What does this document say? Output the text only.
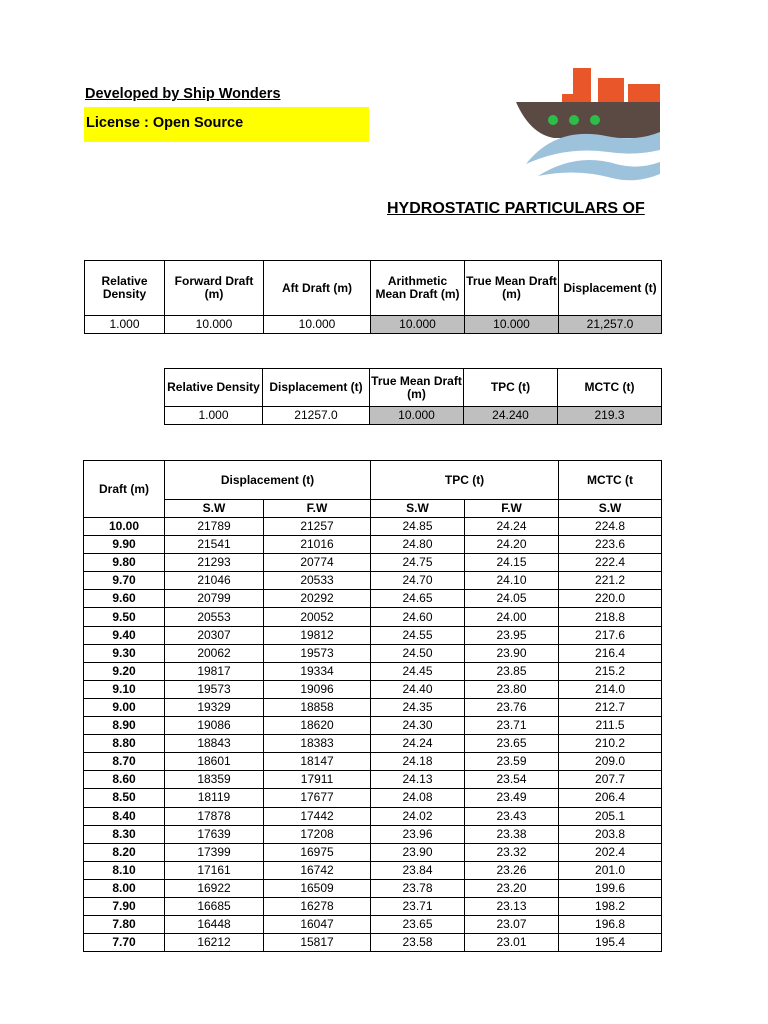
Developed by Ship Wonders
License : Open Source
HYDROSTATIC PARTICULARS OF
Relative Density	Forward Draft (m)	Aft Draft (m)	Arithmetic Mean Draft (m)	True Mean Draft (m)	Displacement (t)
1.000	10.000	10.000	10.000	10.000	21,257.0
Relative Density	Displacement (t)	True Mean Draft (m)	TPC (t)	MCTC (t)
1.000	21257.0	10.000	24.240	219.3
Draft (m)	Displacement (t)		TPC (t)		MCTC (t
	S.W	F.W	S.W	F.W	S.W
10.00	21789	21257	24.85	24.24	224.8
9.90	21541	21016	24.80	24.20	223.6
9.80	21293	20774	24.75	24.15	222.4
9.70	21046	20533	24.70	24.10	221.2
9.60	20799	20292	24.65	24.05	220.0
9.50	20553	20052	24.60	24.00	218.8
9.40	20307	19812	24.55	23.95	217.6
9.30	20062	19573	24.50	23.90	216.4
9.20	19817	19334	24.45	23.85	215.2
9.10	19573	19096	24.40	23.80	214.0
9.00	19329	18858	24.35	23.76	212.7
8.90	19086	18620	24.30	23.71	211.5
8.80	18843	18383	24.24	23.65	210.2
8.70	18601	18147	24.18	23.59	209.0
8.60	18359	17911	24.13	23.54	207.7
8.50	18119	17677	24.08	23.49	206.4
8.40	17878	17442	24.02	23.43	205.1
8.30	17639	17208	23.96	23.38	203.8
8.20	17399	16975	23.90	23.32	202.4
8.10	17161	16742	23.84	23.26	201.0
8.00	16922	16509	23.78	23.20	199.6
7.90	16685	16278	23.71	23.13	198.2
7.80	16448	16047	23.65	23.07	196.8
7.70	16212	15817	23.58	23.01	195.4
